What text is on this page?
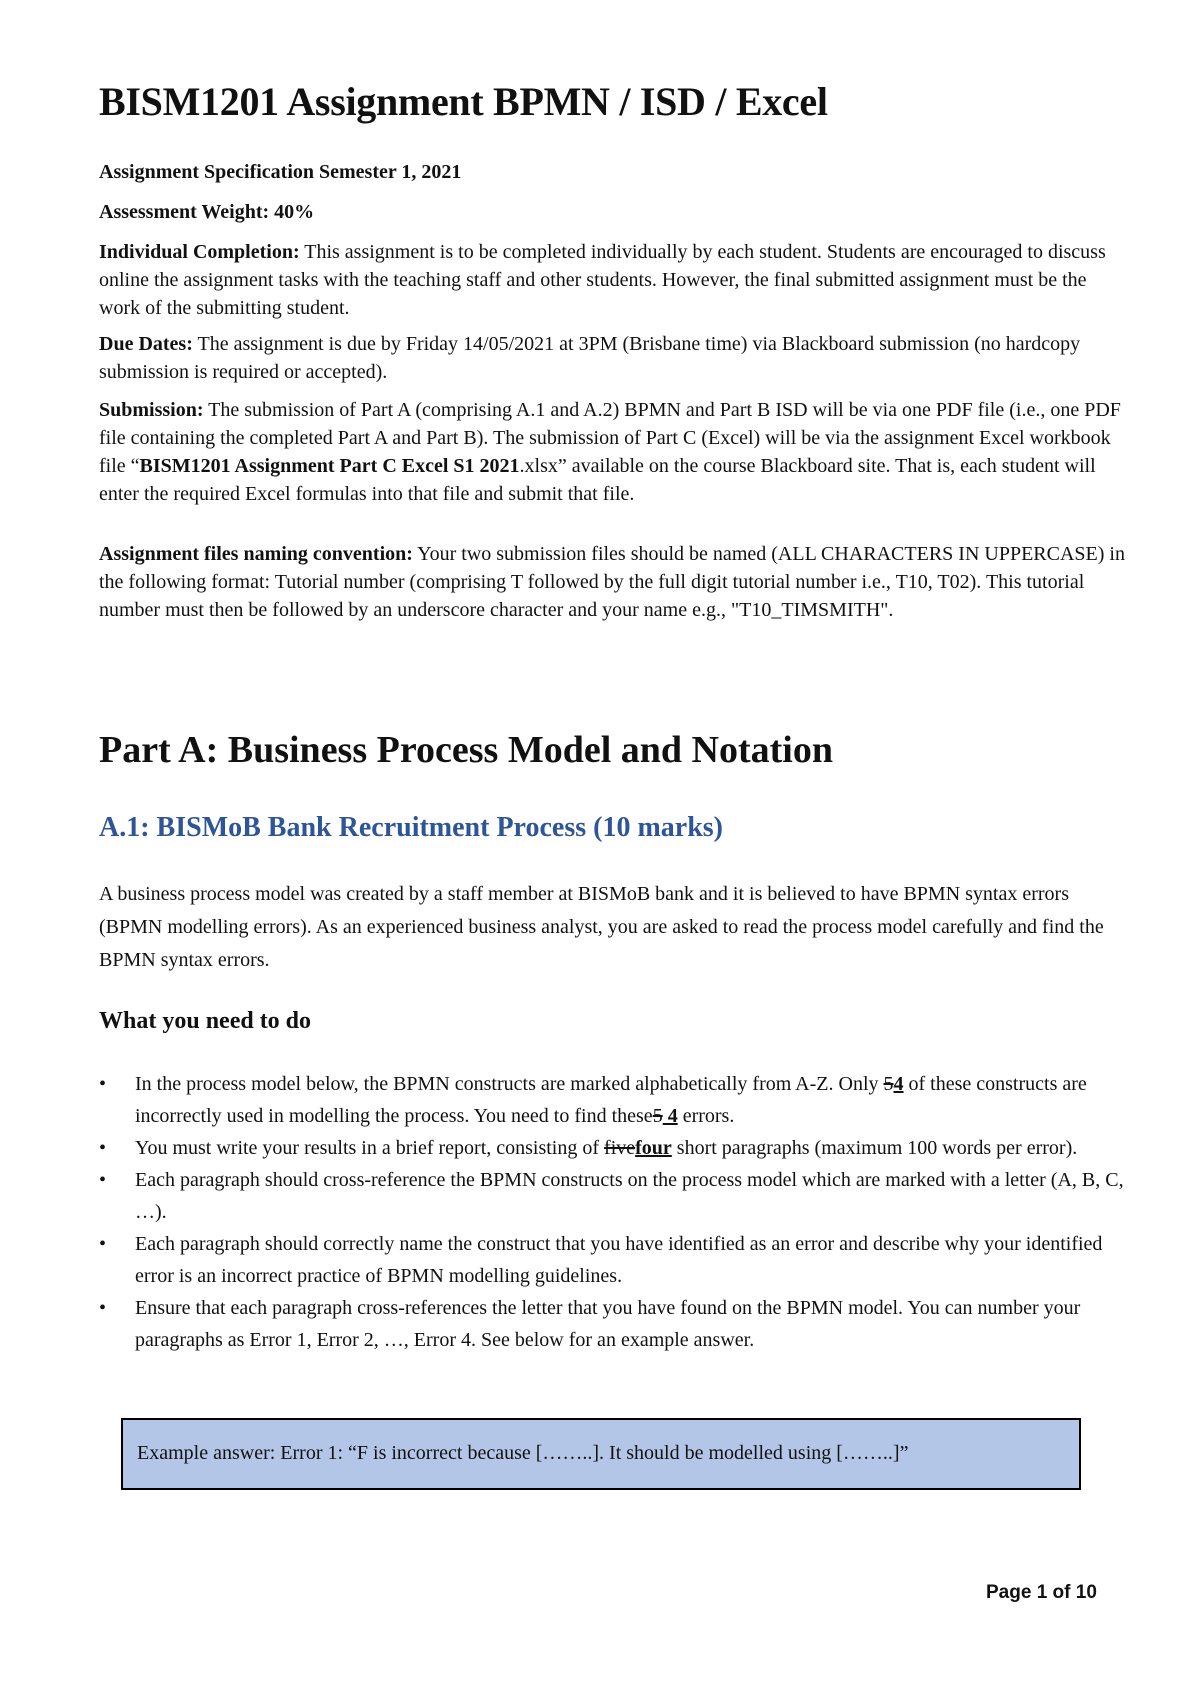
BISM1201 Assignment BPMN / ISD / Excel

Assignment Specification Semester 1, 2021

Assessment Weight: 40%

Individual Completion: This assignment is to be completed individually by each student. Students are encouraged to discuss online the assignment tasks with the teaching staff and other students. However, the final submitted assignment must be the work of the submitting student.

Due Dates: The assignment is due by Friday 14/05/2021 at 3PM (Brisbane time) via Blackboard submission (no hardcopy submission is required or accepted).

Submission: The submission of Part A (comprising A.1 and A.2) BPMN and Part B ISD will be via one PDF file (i.e., one PDF file containing the completed Part A and Part B). The submission of Part C (Excel) will be via the assignment Excel workbook file “BISM1201 Assignment Part C Excel S1 2021.xlsx” available on the course Blackboard site. That is, each student will enter the required Excel formulas into that file and submit that file.

Assignment files naming convention: Your two submission files should be named (ALL CHARACTERS IN UPPERCASE) in the following format: Tutorial number (comprising T followed by the full digit tutorial number i.e., T10, T02). This tutorial number must then be followed by an underscore character and your name e.g., "T10_TIMSMITH".

Part A: Business Process Model and Notation
A.1: BISMoB Bank Recruitment Process (10 marks)

A business process model was created by a staff member at BISMoB bank and it is believed to have BPMN syntax errors (BPMN modelling errors). As an experienced business analyst, you are asked to read the process model carefully and find the BPMN syntax errors.

What you need to do
• In the process model below, the BPMN constructs are marked alphabetically from A-Z. Only 54 of these constructs are incorrectly used in modelling the process. You need to find these5 4 errors.
• You must write your results in a brief report, consisting of fivefour short paragraphs (maximum 100 words per error).
• Each paragraph should cross-reference the BPMN constructs on the process model which are marked with a letter (A, B, C, …).
• Each paragraph should correctly name the construct that you have identified as an error and describe why your identified error is an incorrect practice of BPMN modelling guidelines.
• Ensure that each paragraph cross-references the letter that you have found on the BPMN model. You can number your paragraphs as Error 1, Error 2, …, Error 4. See below for an example answer.
Example answer: Error 1: “F is incorrect because [……..]. It should be modelled using [……..]”
Page 1 of 10
